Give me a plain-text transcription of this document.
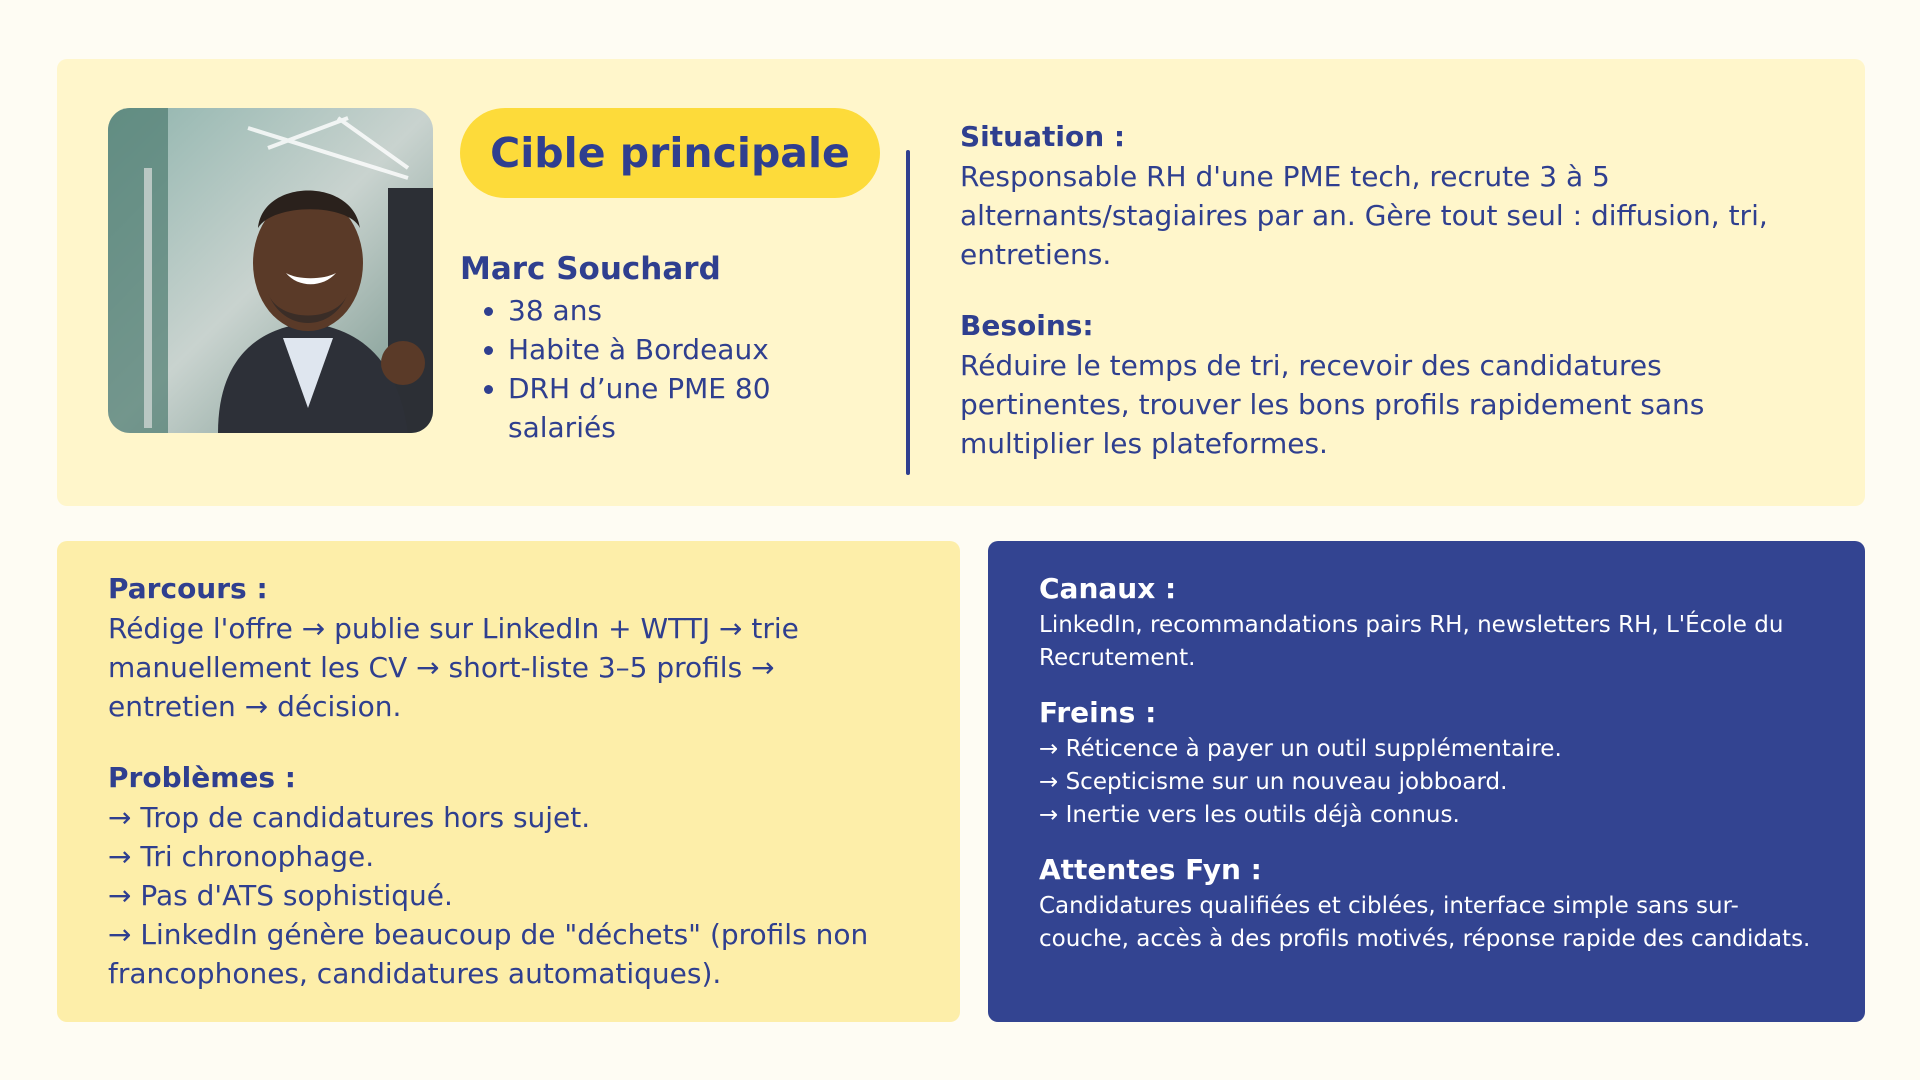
Cible principale

Marc Souchard

• 38 ans
• Habite à Bordeaux
• DRH d’une PME 80 salariés

Situation :

Responsable RH d'une PME tech, recrute 3 à 5 alternants/stagiaires par an. Gère tout seul : diffusion, tri, entretiens.

Besoins:

Réduire le temps de tri, recevoir des candidatures pertinentes, trouver les bons profils rapidement sans multiplier les plateformes.

Parcours :

Rédige l'offre → publie sur LinkedIn + WTTJ → trie manuellement les CV → short-liste 3–5 profils → entretien → décision.

Problèmes :

→ Trop de candidatures hors sujet.
→ Tri chronophage.
→ Pas d'ATS sophistiqué.
→ LinkedIn génère beaucoup de "déchets" (profils non francophones, candidatures automatiques).

Canaux :

LinkedIn, recommandations pairs RH, newsletters RH, L'École du Recrutement.

Freins :

→ Réticence à payer un outil supplémentaire.
→ Scepticisme sur un nouveau jobboard.
→ Inertie vers les outils déjà connus.

Attentes Fyn :

Candidatures qualifiées et ciblées, interface simple sans sur-couche, accès à des profils motivés, réponse rapide des candidats.
